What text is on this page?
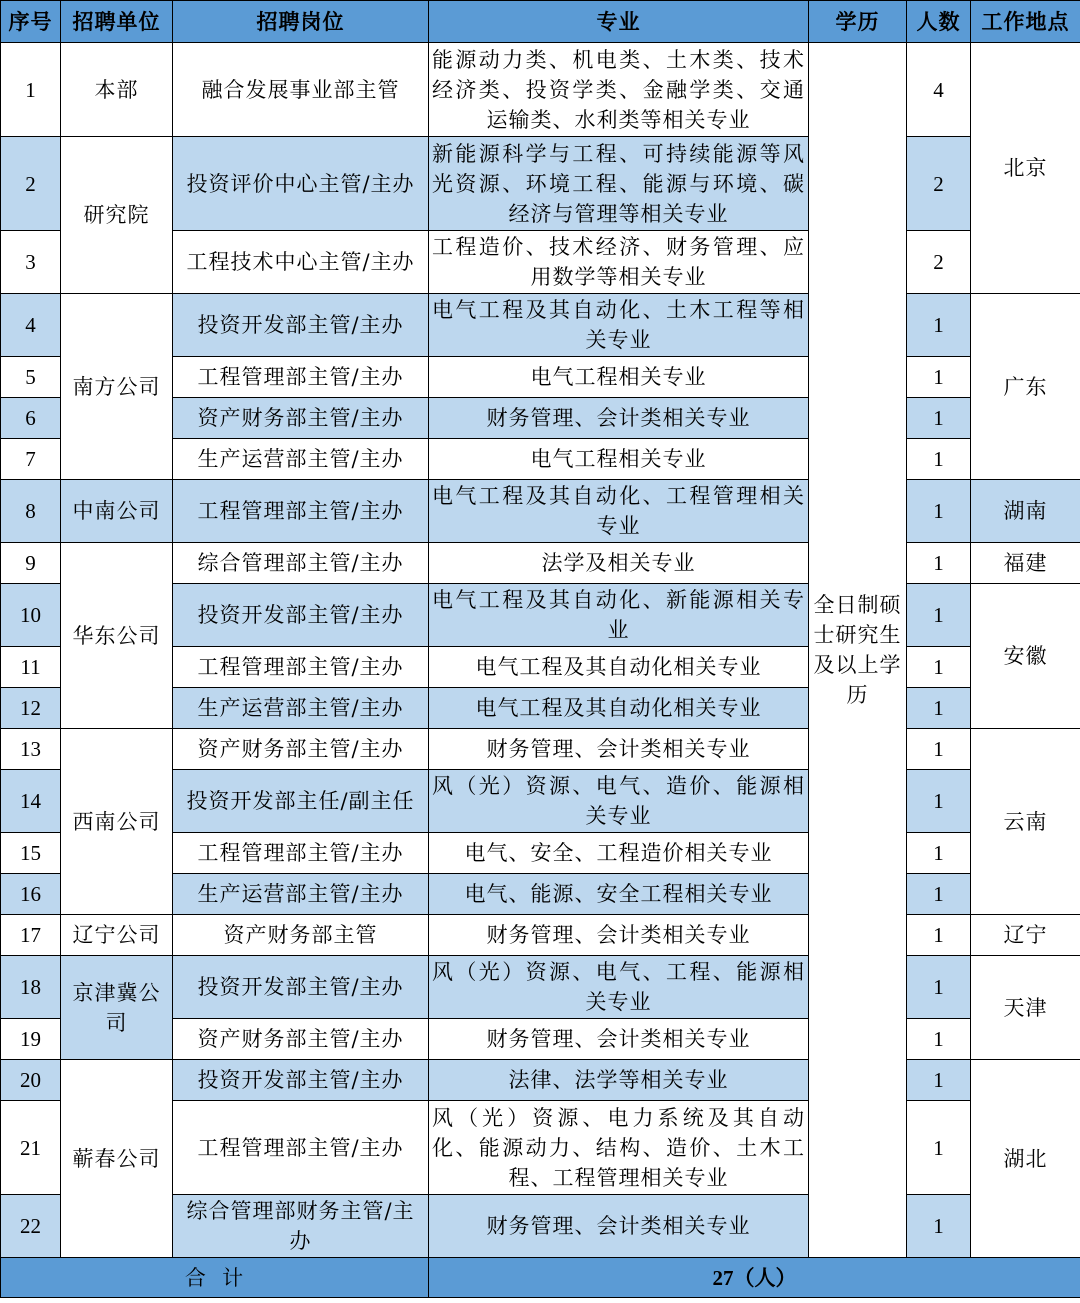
序号	招聘单位	招聘岗位	专业	学历	人数	工作地点
1	本部	融合发展事业部主管	能源动力类、机电类、土木类、技术经济类、投资学类、金融学类、交通运输类、水利类等相关专业	全日制硕士研究生及以上学历	4	北京
2	研究院	投资评价中心主管/主办	新能源科学与工程、可持续能源等风光资源、环境工程、能源与环境、碳经济与管理等相关专业		2	
3		工程技术中心主管/主办	工程造价、技术经济、财务管理、应用数学等相关专业		2	
4	南方公司	投资开发部主管/主办	电气工程及其自动化、土木工程等相关专业		1	广东
5		工程管理部主管/主办	电气工程相关专业		1	
6		资产财务部主管/主办	财务管理、会计类相关专业		1	
7		生产运营部主管/主办	电气工程相关专业		1	
8	中南公司	工程管理部主管/主办	电气工程及其自动化、工程管理相关专业		1	湖南
9	华东公司	综合管理部主管/主办	法学及相关专业		1	福建
10		投资开发部主管/主办	电气工程及其自动化、新能源相关专业		1	安徽
11		工程管理部主管/主办	电气工程及其自动化相关专业		1	
12		生产运营部主管/主办	电气工程及其自动化相关专业		1	
13	西南公司	资产财务部主管/主办	财务管理、会计类相关专业		1	云南
14		投资开发部主任/副主任	风（光）资源、电气、造价、能源相关专业		1	
15		工程管理部主管/主办	电气、安全、工程造价相关专业		1	
16		生产运营部主管/主办	电气、能源、安全工程相关专业		1	
17	辽宁公司	资产财务部主管	财务管理、会计类相关专业		1	辽宁
18	京津冀公司	投资开发部主管/主办	风（光）资源、电气、工程、能源相关专业		1	天津
19		资产财务部主管/主办	财务管理、会计类相关专业		1	
20	蕲春公司	投资开发部主管/主办	法律、法学等相关专业		1	湖北
21		工程管理部主管/主办	风（光）资源、电力系统及其自动化、能源动力、结构、造价、土木工程、工程管理相关专业		1	
22		综合管理部财务主管/主办	财务管理、会计类相关专业		1	
合  计			27（人）			
